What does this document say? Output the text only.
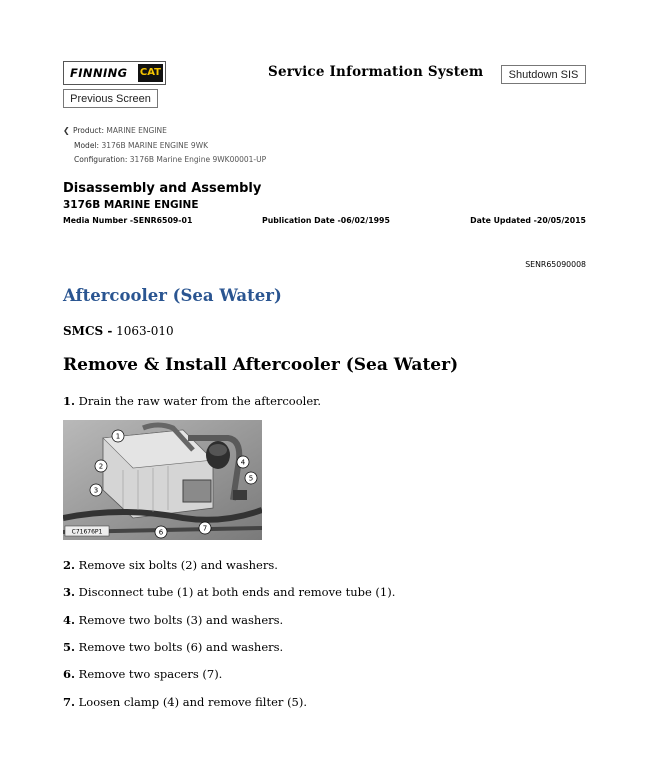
FINNING CAT	Service Information System	Shutdown SIS
Previous Screen
❮ Product: MARINE ENGINE
Model: 3176B MARINE ENGINE 9WK
Configuration: 3176B Marine Engine 9WK00001-UP
Disassembly and Assembly
3176B MARINE ENGINE
Media Number -SENR6509-01	Publication Date -06/02/1995	Date Updated -20/05/2015
SENR65090008
Aftercooler (Sea Water)
SMCS - 1063-010
Remove & Install Aftercooler (Sea Water)
1. Drain the raw water from the aftercooler.
1
2
3
4
5
6	7
C71676P1
2. Remove six bolts (2) and washers.
3. Disconnect tube (1) at both ends and remove tube (1).
4. Remove two bolts (3) and washers.
5. Remove two bolts (6) and washers.
6. Remove two spacers (7).
7. Loosen clamp (4) and remove filter (5).
